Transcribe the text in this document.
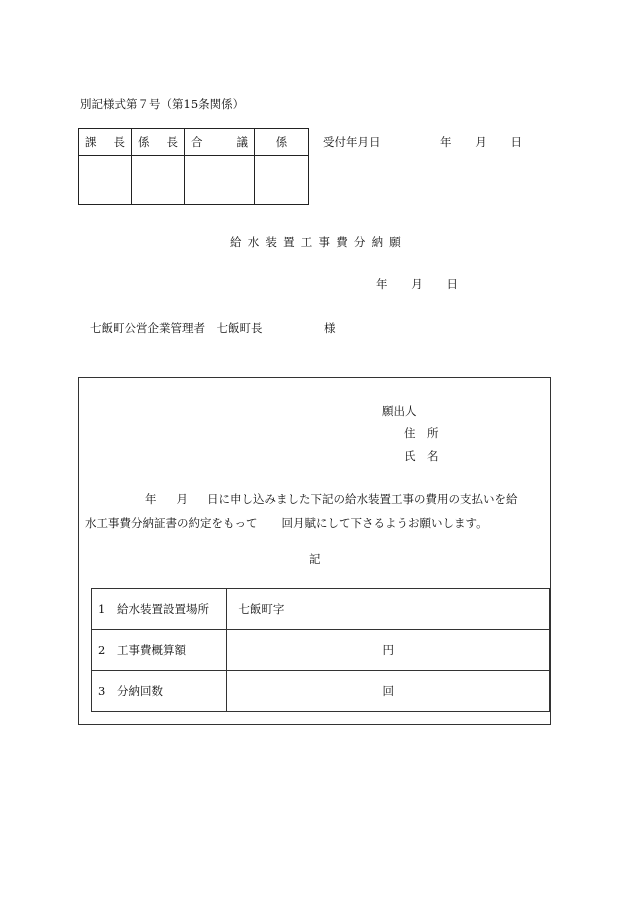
別記様式第７号（第15条関係）
課 長	係 長	合 議	係

				受付年月日	年 月 日
給水装置工事費分納願
年 月 日
七飯町公営企業管理者　七飯町長	様
願出人
住　所
氏　名
年 月 日に申し込みました下記の給水装置工事の費用の支払いを給
水工事費分納証書の約定をもって 回月賦にして下さるようお願いします。
記
1 給水装置設置場所	七飯町字
2 工事費概算額	円
3 分納回数	回
